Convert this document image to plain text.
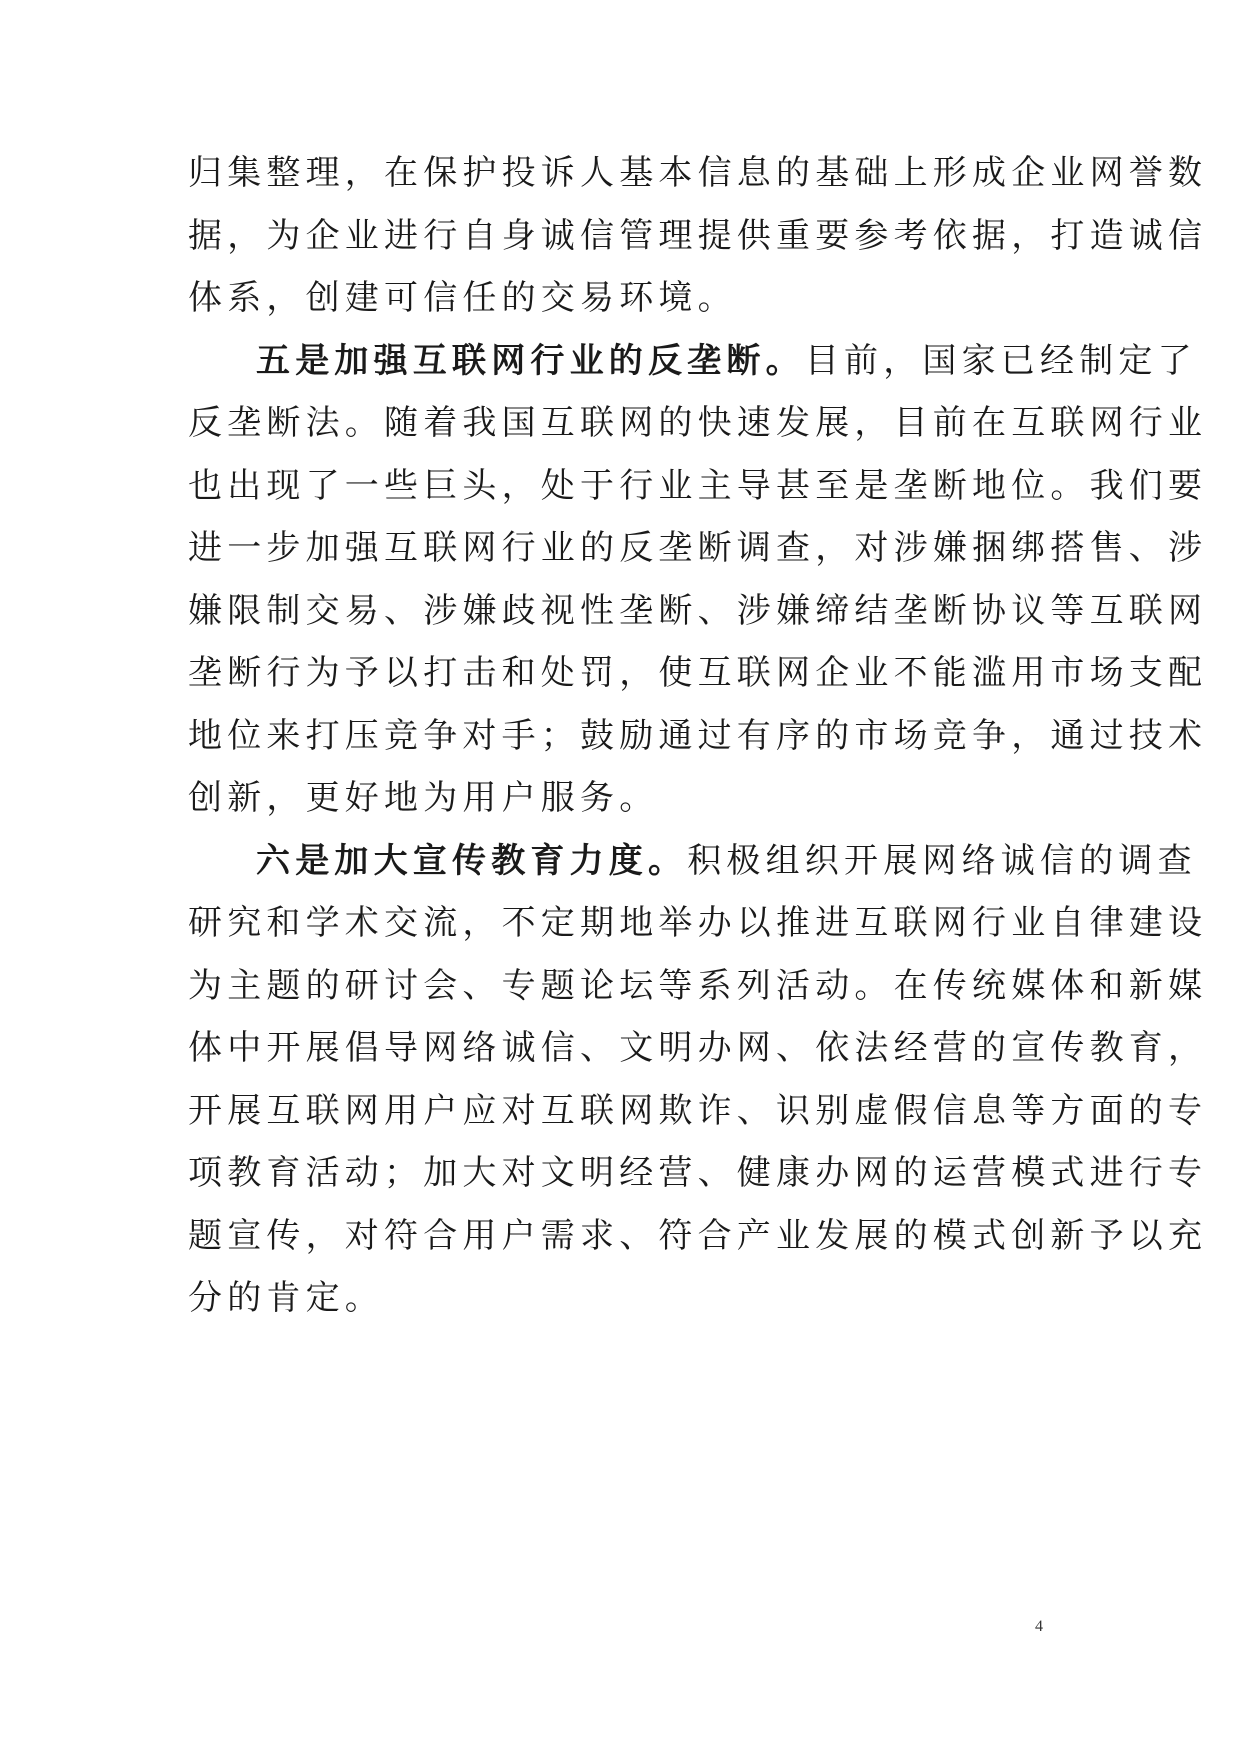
归集整理，在保护投诉人基本信息的基础上形成企业网誉数
据，为企业进行自身诚信管理提供重要参考依据，打造诚信
体系，创建可信任的交易环境。
五是加强互联网行业的反垄断。目前，国家已经制定了
反垄断法。随着我国互联网的快速发展，目前在互联网行业
也出现了一些巨头，处于行业主导甚至是垄断地位。我们要
进一步加强互联网行业的反垄断调查，对涉嫌捆绑搭售、涉
嫌限制交易、涉嫌歧视性垄断、涉嫌缔结垄断协议等互联网
垄断行为予以打击和处罚，使互联网企业不能滥用市场支配
地位来打压竞争对手；鼓励通过有序的市场竞争，通过技术
创新，更好地为用户服务。
六是加大宣传教育力度。积极组织开展网络诚信的调查
研究和学术交流，不定期地举办以推进互联网行业自律建设
为主题的研讨会、专题论坛等系列活动。在传统媒体和新媒
体中开展倡导网络诚信、文明办网、依法经营的宣传教育，
开展互联网用户应对互联网欺诈、识别虚假信息等方面的专
项教育活动；加大对文明经营、健康办网的运营模式进行专
题宣传，对符合用户需求、符合产业发展的模式创新予以充
分的肯定。
4
